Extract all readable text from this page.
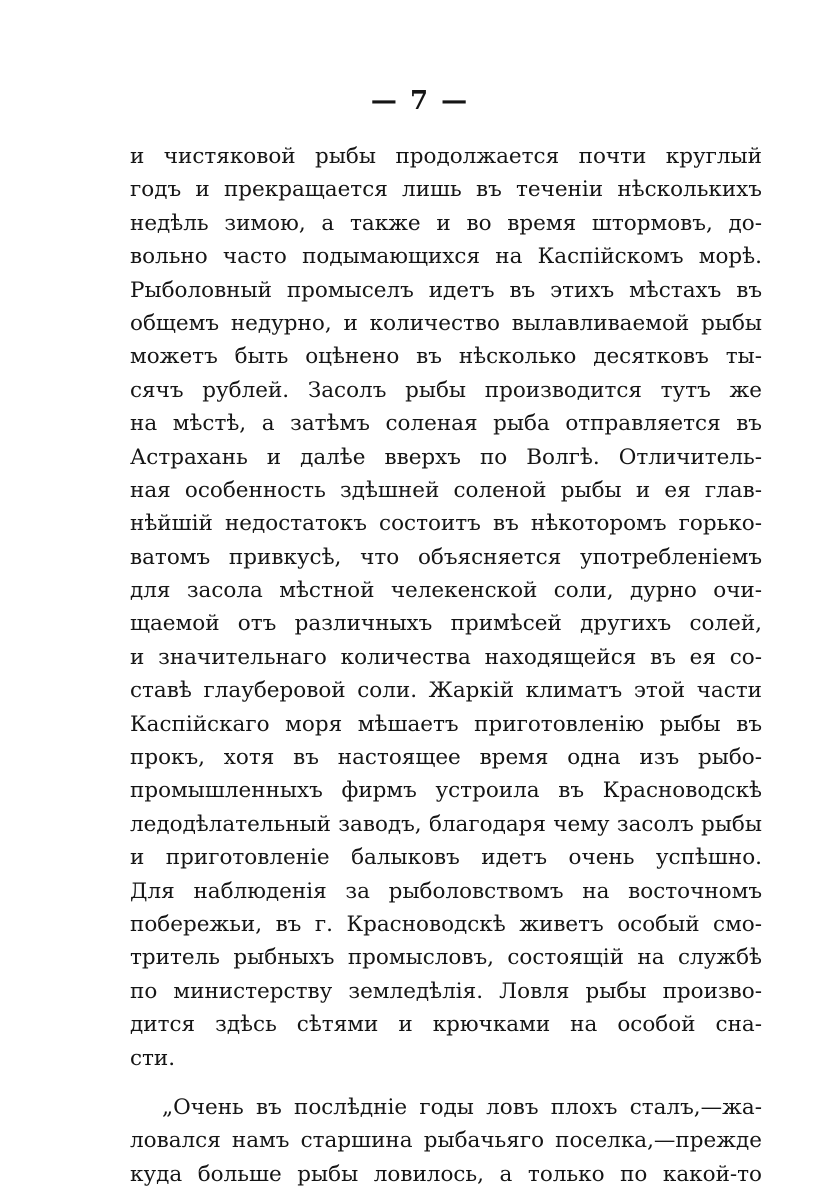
— 7 —
и чистяковой рыбы продолжается почти круглый
годъ и прекращается лишь въ теченіи нѣсколькихъ
недѣль зимою, а также и во время штормовъ, до-
вольно часто подымающихся на Каспійскомъ морѣ.
Рыболовный промыселъ идетъ въ этихъ мѣстахъ въ
общемъ недурно, и количество вылавливаемой рыбы
можетъ быть оцѣнено въ нѣсколько десятковъ ты-
сячъ рублей. Засолъ рыбы производится тутъ же
на мѣстѣ, а затѣмъ соленая рыба отправляется въ
Астрахань и далѣе вверхъ по Волгѣ. Отличитель-
ная особенность здѣшней соленой рыбы и ея глав-
нѣйшій недостатокъ состоитъ въ нѣкоторомъ горько-
ватомъ привкусѣ, что объясняется употребленіемъ
для засола мѣстной челекенской соли, дурно очи-
щаемой отъ различныхъ примѣсей другихъ солей,
и значительнаго количества находящейся въ ея со-
ставѣ глауберовой соли. Жаркій климатъ этой части
Каспійскаго моря мѣшаетъ приготовленію рыбы въ
прокъ, хотя въ настоящее время одна изъ рыбо-
промышленныхъ фирмъ устроила въ Красноводскѣ
ледодѣлательный заводъ, благодаря чему засолъ рыбы
и приготовленіе балыковъ идетъ очень успѣшно.
Для наблюденія за рыболовствомъ на восточномъ
побережьи, въ г. Красноводскѣ живетъ особый смо-
тритель рыбныхъ промысловъ, состоящій на службѣ
по министерству земледѣлія. Ловля рыбы произво-
дится здѣсь сѣтями и крючками на особой сна-
сти.
„Очень въ послѣдніе годы ловъ плохъ сталъ,—жа-
ловался намъ старшина рыбачьяго поселка,—прежде
куда больше рыбы ловилось, а только по какой-то
